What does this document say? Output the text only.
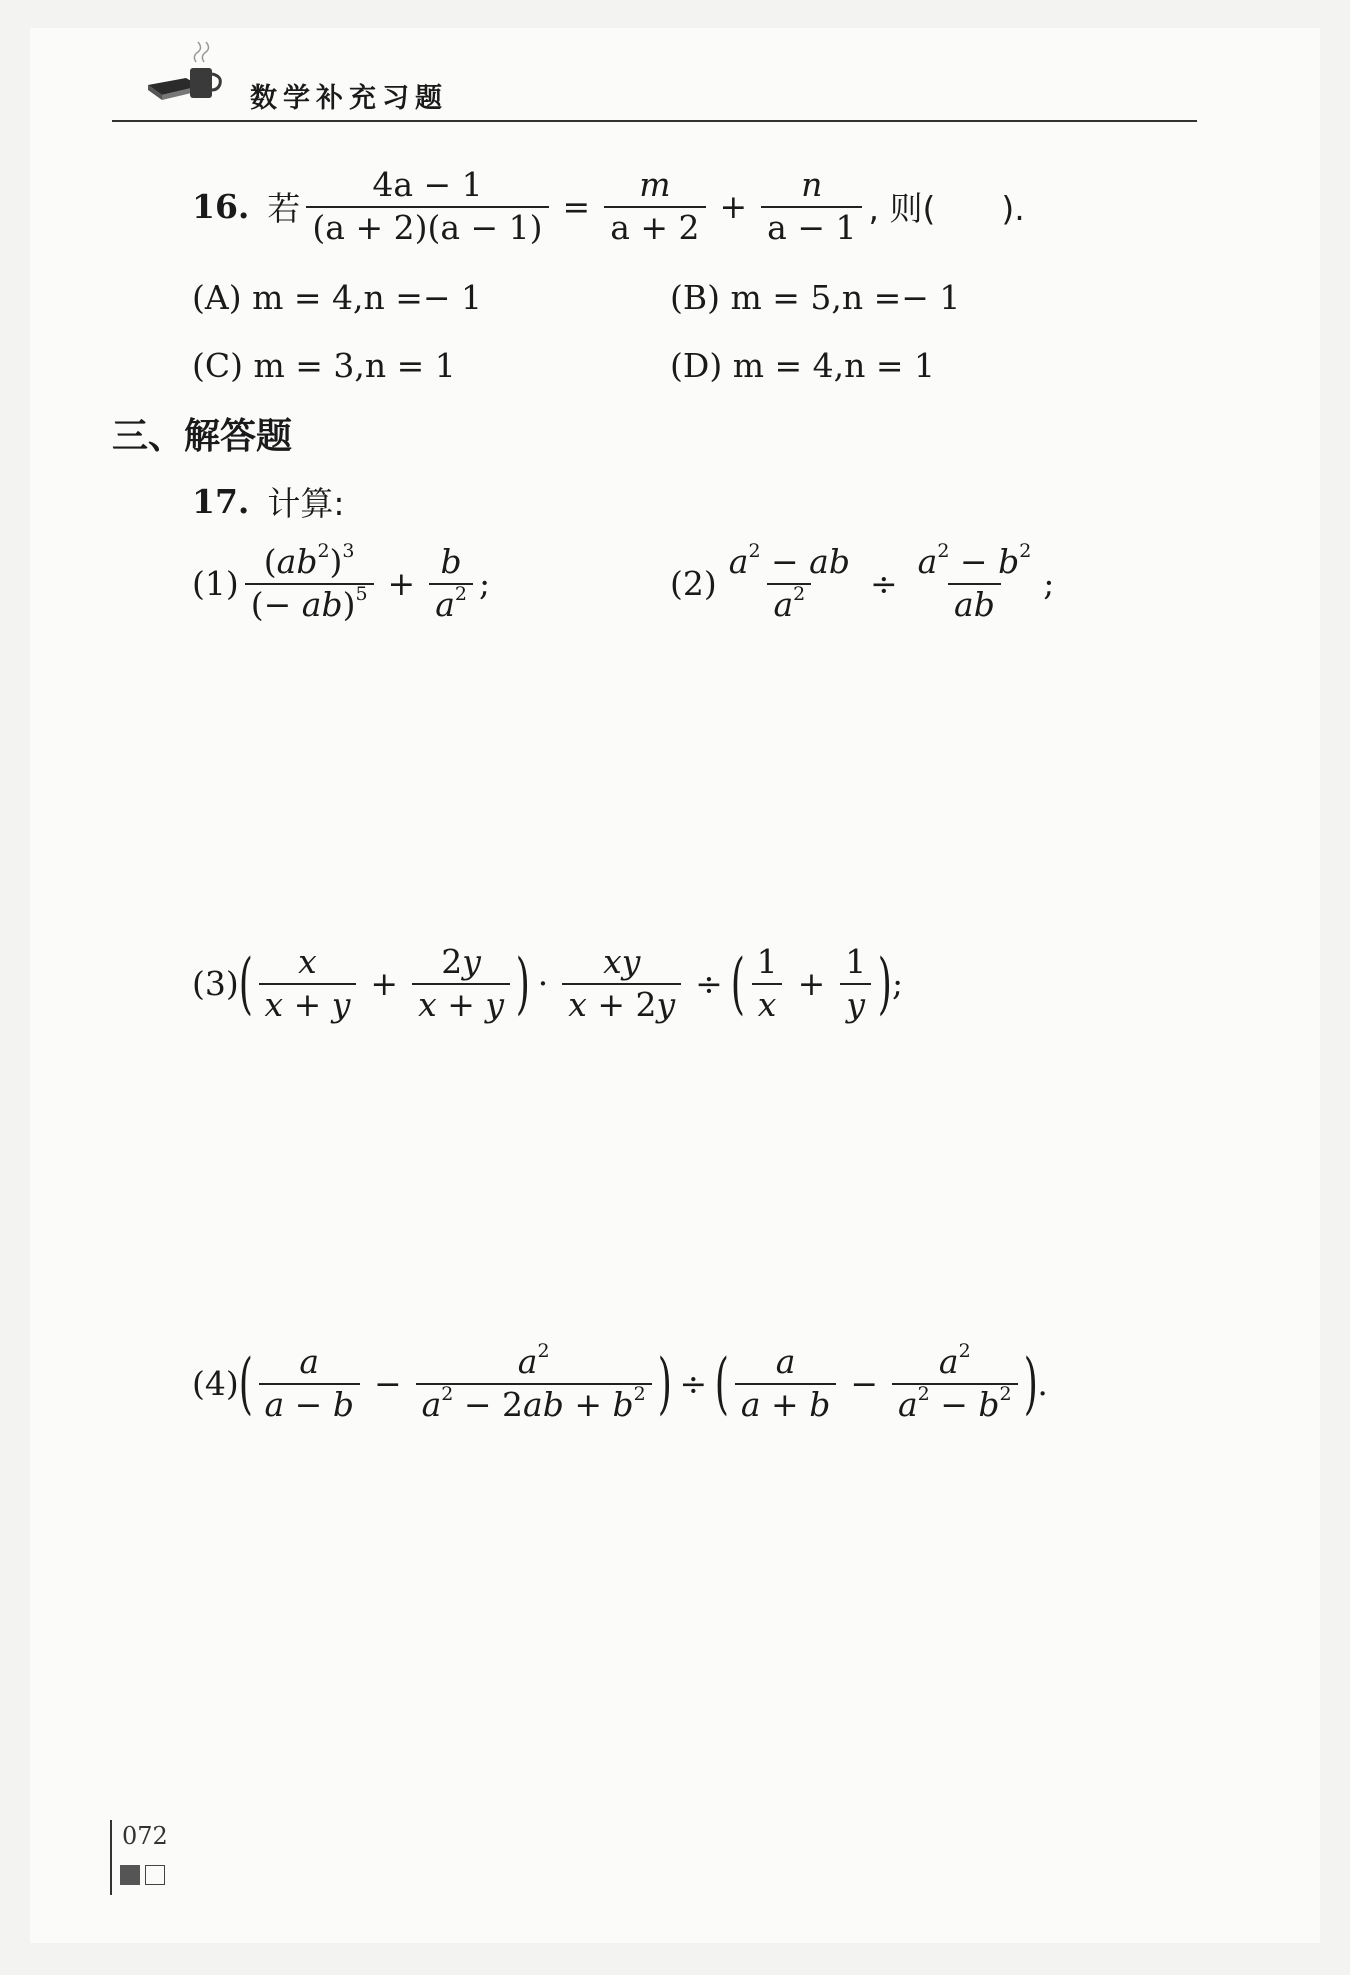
数学补充习题
16. 若 $\frac{4a - 1}{(a + 2)(a - 1)} = \frac{m}{a + 2} + \frac{n}{a - 1}$ , 则(　　).
(A) m = 4,n =− 1	(B) m = 5,n =− 1
(C) m = 3,n = 1	(D) m = 4,n = 1
三、解答题
17. 计算:
$(1) \frac{(ab^2)^3}{(- ab)^5} + \frac{b}{a^2}$ ;	$(2) \frac{a^2 - ab}{a^2} \div \frac{a^2 - b^2}{ab}$ ;
(3) ( $\frac{x}{x + y} + \frac{2y}{x + y}$ ) · $\frac{xy}{x + 2y}$ ÷ ( $\frac{1}{x} + \frac{1}{y}$ ) ;
(4) ( $\frac{a}{a - b} - \frac{a^2}{a^2 - 2ab + b^2}$ ) ÷ ( $\frac{a}{a + b} - \frac{a^2}{a^2 - b^2}$ ) .
072
